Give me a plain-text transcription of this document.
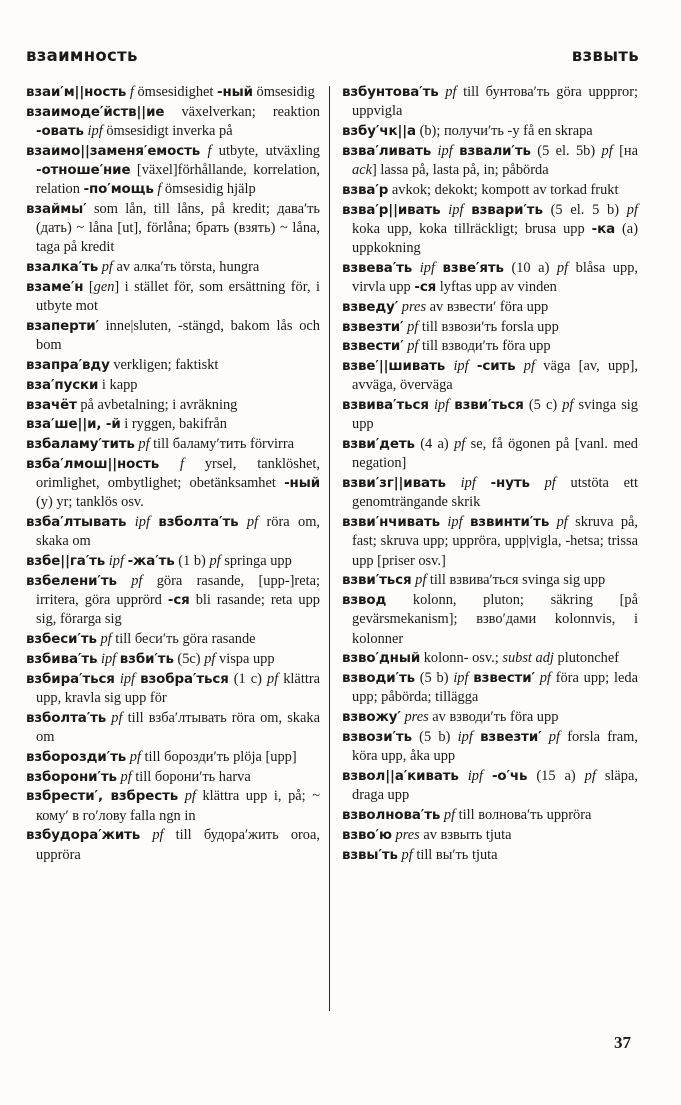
взаимность	взвыть

взаи′м||ность f ömsesidighet -ный ömsesidig

взаимоде′йств||ие växelverkan; reaktion -овать ipf ömsesidigt inverka på

взаимо||заменя′емость f utbyte, utväxling -отноше′ние [växel]förhållande, korrelation, relation -по′мощь f ömsesidig hjälp

взаймы′ som lån, till låns, på kredit; дава′ть (дать) ~ låna [ut], förlåna; брать (взять) ~ låna, taga på kredit

взалка′ть pf av алка′ть törsta, hungra

взаме′н [gen] i stället för, som ersättning för, i utbyte mot

взаперти′ inne|sluten, -stängd, bakom lås och bom

взапра′вду verkligen; faktiskt

вза′пуски i kapp

взачёт på avbetalning; i avräkning

вза′ше||и, -й i ryggen, bakifrån

взбаламу′тить pf till баламу′тить förvirra

взба′лмош||ность f yrsel, tanklöshet, orimlighet, ombytlighet; obetänksamhet -ный (у) yr; tanklös osv.

взба′лтывать ipf взболта′ть pf röra om, skaka om

взбе||га′ть ipf -жа′ть (1 b) pf springa upp

взбелени′ть pf göra rasande, [upp-]reta; irritera, göra upprörd -ся bli rasande; reta upp sig, förarga sig

взбеси′ть pf till беси′ть göra rasande

взбива′ть ipf взби′ть (5c) pf vispa upp

взбира′ться ipf взобра′ться (1 c) pf klättra upp, kravla sig upp för

взболта′ть pf till взба′лтывать röra om, skaka om

взборозди′ть pf till борозди′ть plöja [upp]

взборони′ть pf till борони′ть harva

взбрести′, взбресть pf klättra upp i, på; ~ кому′ в го′лову falla ngn in

взбудора′жить pf till будора′жить oroa, uppröra

взбунтова′ть pf till бунтова′ть göra upppror; uppvigla

взбу′чк||а (b); получи′ть -у få en skrapa

взва′ливать ipf взвали′ть (5 el. 5b) pf [на ack] lassa på, lasta på, in; påbörda

взва′р avkok; dekokt; kompott av torkad frukt

взва′р||ивать ipf взвари′ть (5 el. 5 b) pf koka upp, koka tillräckligt; brusa upp -ка (a) uppkokning

взвева′ть ipf взве′ять (10 a) pf blåsa upp, virvla upp -ся lyftas upp av vinden

взведу′ pres av взвести′ föra upp

взвезти′ pf till взвози′ть forsla upp

взвести′ pf till взводи′ть föra upp

взве′||шивать ipf -сить pf väga [av, upp], avväga, överväga

взвива′ться ipf взви′ться (5 c) pf svinga sig upp

взви′деть (4 a) pf se, få ögonen på [vanl. med negation]

взви′зг||ивать ipf -нуть pf utstöta ett genomträngande skrik

взви′нчивать ipf взвинти′ть pf skruva på, fast; skruva upp; uppröra, upp|vigla, -hetsa; trissa upp [priser osv.]

взви′ться pf till взвива′ться svinga sig upp

взвод kolonn, pluton; säkring [på gevärsmekanism]; взво′дами kolonnvis, i kolonner

взво′дный kolonn- osv.; subst adj plutonchef

взводи′ть (5 b) ipf взвести′ pf föra upp; leda upp; påbörda; tillägga

взвожу′ pres av взводи′ть föra upp

взвози′ть (5 b) ipf взвезти′ pf forsla fram, köra upp, åka upp

взвол||а′кивать ipf -о′чь (15 a) pf släpa, draga upp

взволнова′ть pf till волнова′ть uppröra

взво′ю pres av взвыть tjuta

взвы′ть pf till вы′ть tjuta

37
